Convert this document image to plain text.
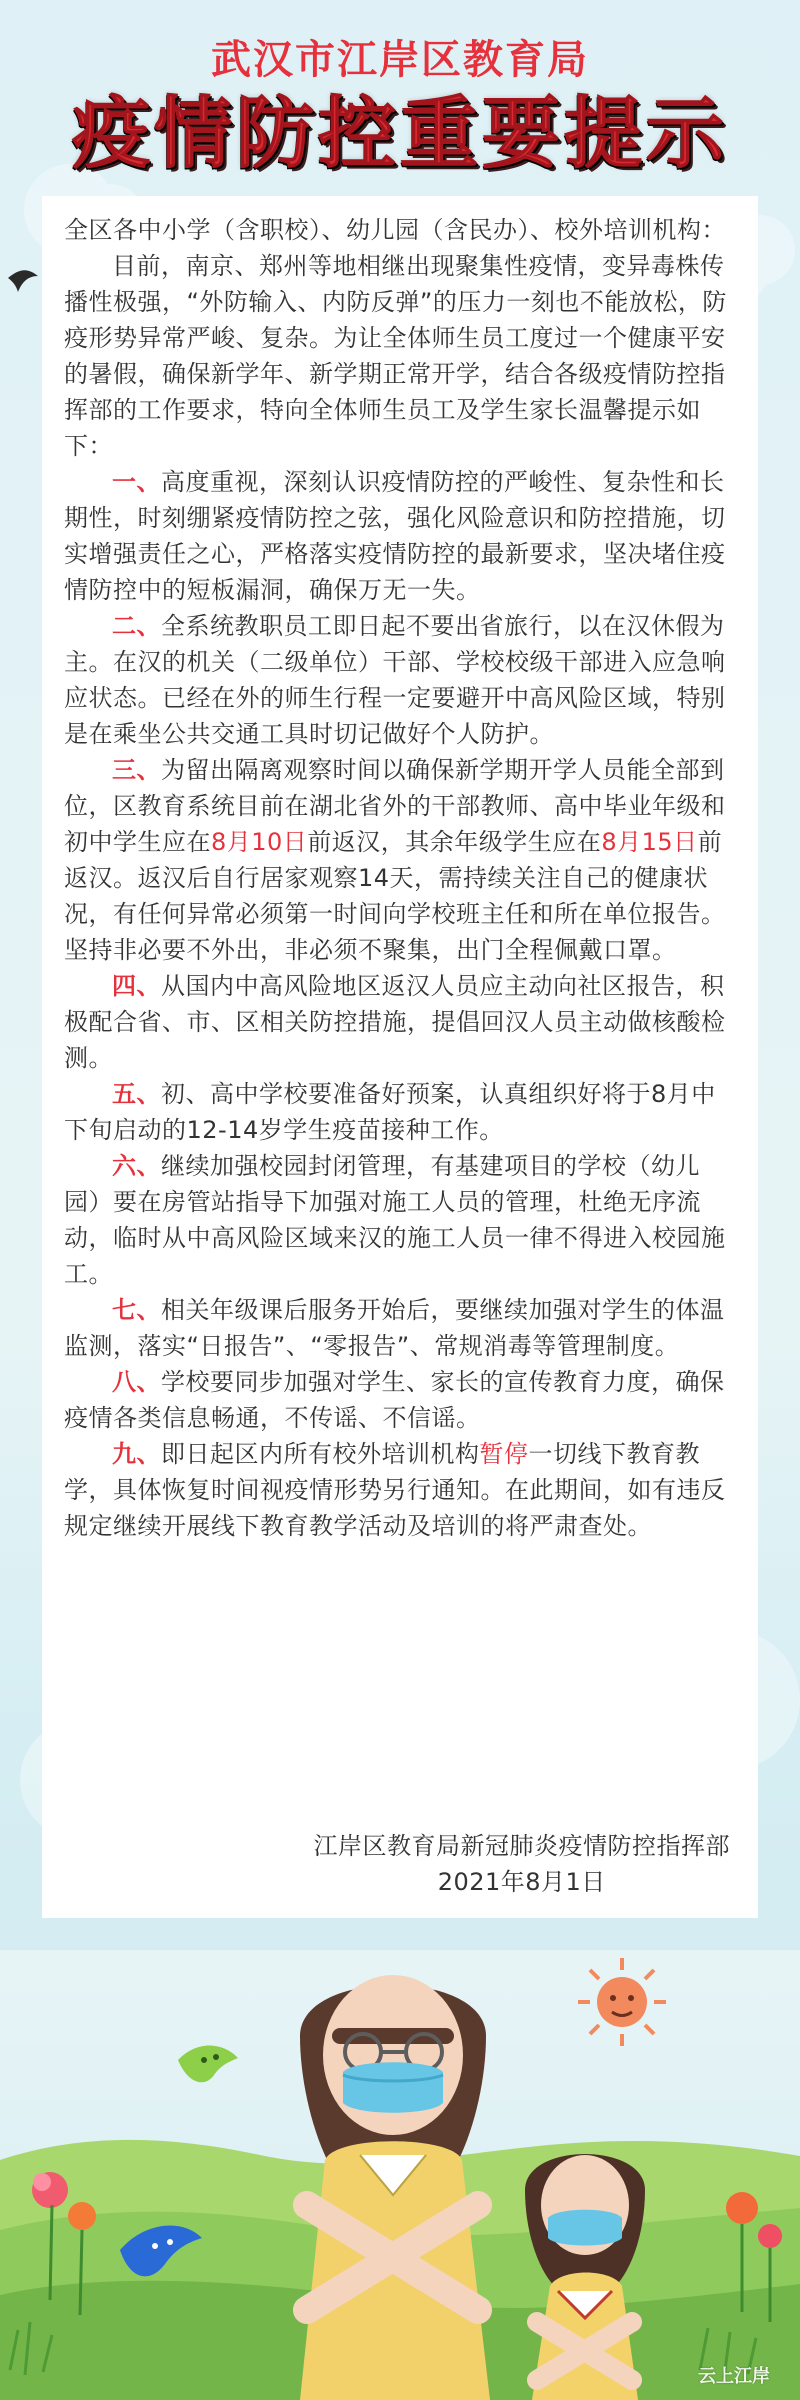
武汉市江岸区教育局
疫情防控重要提示

全区各中小学（含职校）、幼儿园（含民办）、校外培训机构：

目前，南京、郑州等地相继出现聚集性疫情，变异毒株传播性极强，“外防输入、内防反弹”的压力一刻也不能放松，防疫形势异常严峻、复杂。为让全体师生员工度过一个健康平安的暑假，确保新学年、新学期正常开学，结合各级疫情防控指挥部的工作要求，特向全体师生员工及学生家长温馨提示如下：

一、高度重视，深刻认识疫情防控的严峻性、复杂性和长期性，时刻绷紧疫情防控之弦，强化风险意识和防控措施，切实增强责任之心，严格落实疫情防控的最新要求，坚决堵住疫情防控中的短板漏洞，确保万无一失。

二、全系统教职员工即日起不要出省旅行，以在汉休假为主。在汉的机关（二级单位）干部、学校校级干部进入应急响应状态。已经在外的师生行程一定要避开中高风险区域，特别是在乘坐公共交通工具时切记做好个人防护。

三、为留出隔离观察时间以确保新学期开学人员能全部到位，区教育系统目前在湖北省外的干部教师、高中毕业年级和初中学生应在8月10日前返汉，其余年级学生应在8月15日前返汉。返汉后自行居家观察14天，需持续关注自己的健康状况，有任何异常必须第一时间向学校班主任和所在单位报告。坚持非必要不外出，非必须不聚集，出门全程佩戴口罩。

四、从国内中高风险地区返汉人员应主动向社区报告，积极配合省、市、区相关防控措施，提倡回汉人员主动做核酸检测。

五、初、高中学校要准备好预案，认真组织好将于8月中下旬启动的12-14岁学生疫苗接种工作。

六、继续加强校园封闭管理，有基建项目的学校（幼儿园）要在房管站指导下加强对施工人员的管理，杜绝无序流动，临时从中高风险区域来汉的施工人员一律不得进入校园施工。

七、相关年级课后服务开始后，要继续加强对学生的体温监测，落实“日报告”、“零报告”、常规消毒等管理制度。

八、学校要同步加强对学生、家长的宣传教育力度，确保疫情各类信息畅通，不传谣、不信谣。

九、即日起区内所有校外培训机构暂停一切线下教育教学，具体恢复时间视疫情形势另行通知。在此期间，如有违反规定继续开展线下教育教学活动及培训的将严肃查处。

江岸区教育局新冠肺炎疫情防控指挥部
2021年8月1日
云上江岸
